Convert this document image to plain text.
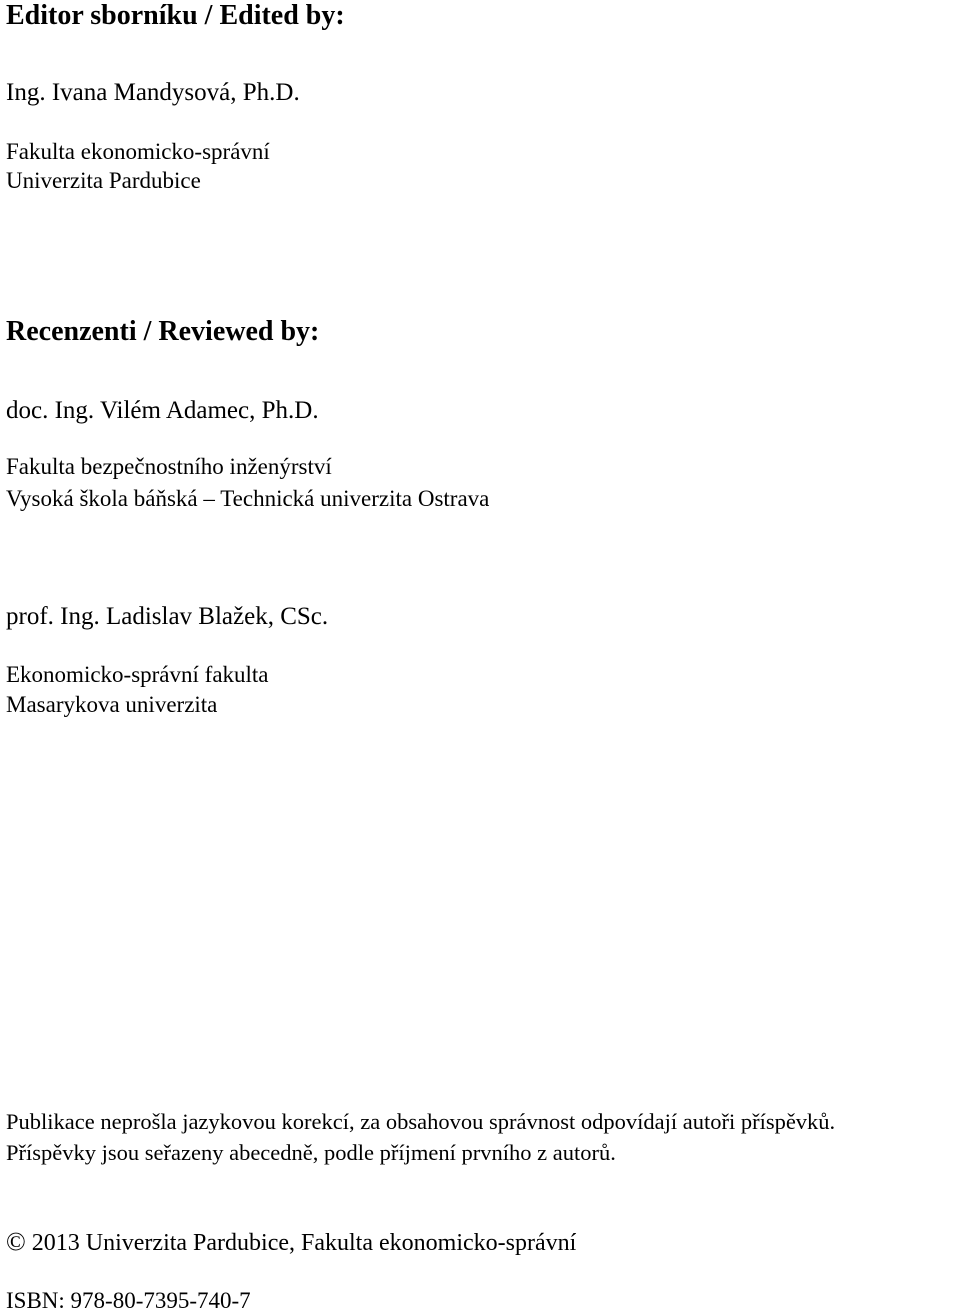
Editor sborníku / Edited by:
Ing. Ivana Mandysová, Ph.D.
Fakulta ekonomicko-správní
Univerzita Pardubice
Recenzenti / Reviewed by:
doc. Ing. Vilém Adamec, Ph.D.
Fakulta bezpečnostního inženýrství
Vysoká škola báňská – Technická univerzita Ostrava
prof. Ing. Ladislav Blažek, CSc.
Ekonomicko-správní fakulta
Masarykova univerzita
Publikace neprošla jazykovou korekcí, za obsahovou správnost odpovídají autoři příspěvků.
Příspěvky jsou seřazeny abecedně, podle příjmení prvního z autorů.
© 2013 Univerzita Pardubice, Fakulta ekonomicko-správní
ISBN: 978-80-7395-740-7
